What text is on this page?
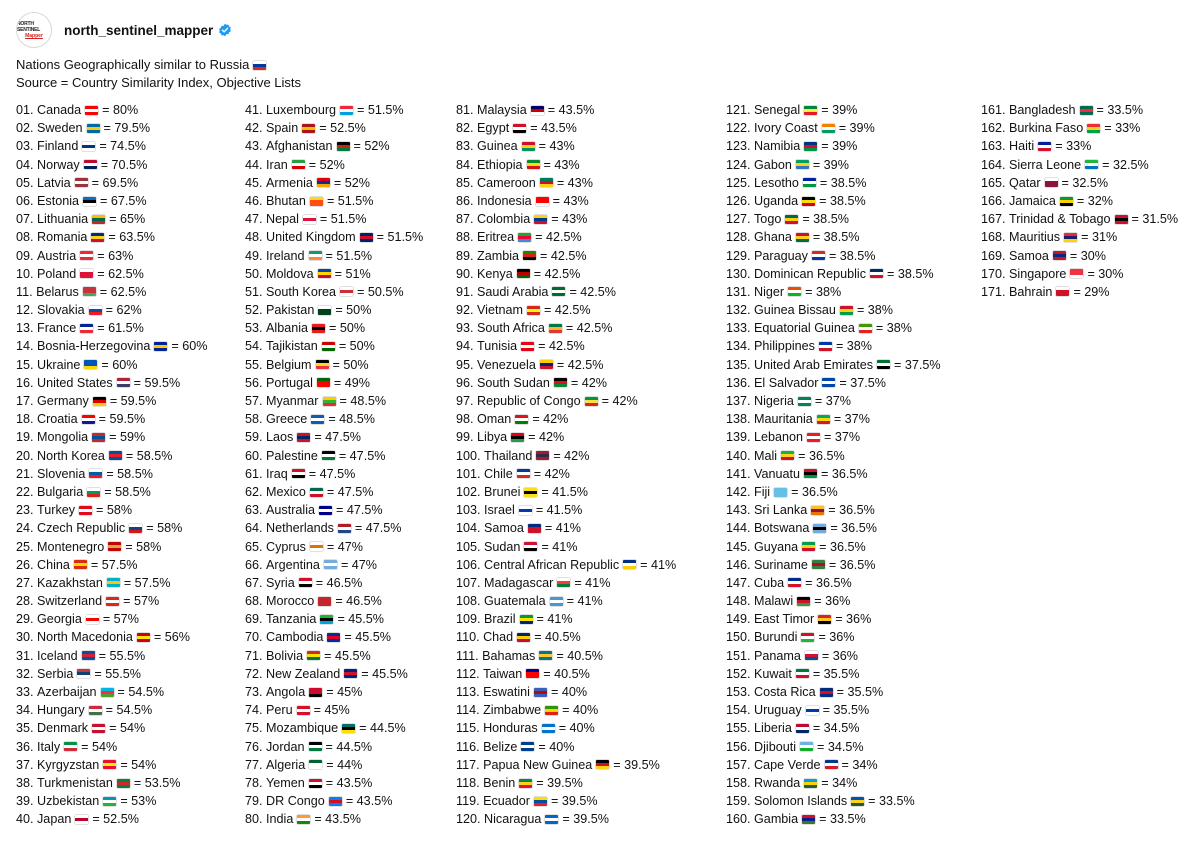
NORTH SENTINEL
Mapper north_sentinel_mapper
Nations Geographically similar to Russia
Source = Country Similarity Index, Objective Lists
01. Canada = 80%
02. Sweden = 79.5%
03. Finland = 74.5%
04. Norway = 70.5%
05. Latvia = 69.5%
06. Estonia = 67.5%
07. Lithuania = 65%
08. Romania = 63.5%
09. Austria = 63%
10. Poland = 62.5%
11. Belarus = 62.5%
12. Slovakia = 62%
13. France = 61.5%
14. Bosnia-Herzegovina = 60%
15. Ukraine = 60%
16. United States = 59.5%
17. Germany = 59.5%
18. Croatia = 59.5%
19. Mongolia = 59%
20. North Korea = 58.5%
21. Slovenia = 58.5%
22. Bulgaria = 58.5%
23. Turkey = 58%
24. Czech Republic = 58%
25. Montenegro = 58%
26. China = 57.5%
27. Kazakhstan = 57.5%
28. Switzerland = 57%
29. Georgia = 57%
30. North Macedonia = 56%
31. Iceland = 55.5%
32. Serbia = 55.5%
33. Azerbaijan = 54.5%
34. Hungary = 54.5%
35. Denmark = 54%
36. Italy = 54%
37. Kyrgyzstan = 54%
38. Turkmenistan = 53.5%
39. Uzbekistan = 53%
40. Japan = 52.5%
41. Luxembourg = 51.5%
42. Spain = 52.5%
43. Afghanistan = 52%
44. Iran = 52%
45. Armenia = 52%
46. Bhutan = 51.5%
47. Nepal = 51.5%
48. United Kingdom = 51.5%
49. Ireland = 51.5%
50. Moldova = 51%
51. South Korea = 50.5%
52. Pakistan = 50%
53. Albania = 50%
54. Tajikistan = 50%
55. Belgium = 50%
56. Portugal = 49%
57. Myanmar = 48.5%
58. Greece = 48.5%
59. Laos = 47.5%
60. Palestine = 47.5%
61. Iraq = 47.5%
62. Mexico = 47.5%
63. Australia = 47.5%
64. Netherlands = 47.5%
65. Cyprus = 47%
66. Argentina = 47%
67. Syria = 46.5%
68. Morocco = 46.5%
69. Tanzania = 45.5%
70. Cambodia = 45.5%
71. Bolivia = 45.5%
72. New Zealand = 45.5%
73. Angola = 45%
74. Peru = 45%
75. Mozambique = 44.5%
76. Jordan = 44.5%
77. Algeria = 44%
78. Yemen = 43.5%
79. DR Congo = 43.5%
80. India = 43.5%
81. Malaysia = 43.5%
82. Egypt = 43.5%
83. Guinea = 43%
84. Ethiopia = 43%
85. Cameroon = 43%
86. Indonesia = 43%
87. Colombia = 43%
88. Eritrea = 42.5%
89. Zambia = 42.5%
90. Kenya = 42.5%
91. Saudi Arabia = 42.5%
92. Vietnam = 42.5%
93. South Africa = 42.5%
94. Tunisia = 42.5%
95. Venezuela = 42.5%
96. South Sudan = 42%
97. Republic of Congo = 42%
98. Oman = 42%
99. Libya = 42%
100. Thailand = 42%
101. Chile = 42%
102. Brunei = 41.5%
103. Israel = 41.5%
104. Samoa = 41%
105. Sudan = 41%
106. Central African Republic = 41%
107. Madagascar = 41%
108. Guatemala = 41%
109. Brazil = 41%
110. Chad = 40.5%
111. Bahamas = 40.5%
112. Taiwan = 40.5%
113. Eswatini = 40%
114. Zimbabwe = 40%
115. Honduras = 40%
116. Belize = 40%
117. Papua New Guinea = 39.5%
118. Benin = 39.5%
119. Ecuador = 39.5%
120. Nicaragua = 39.5%
121. Senegal = 39%
122. Ivory Coast = 39%
123. Namibia = 39%
124. Gabon = 39%
125. Lesotho = 38.5%
126. Uganda = 38.5%
127. Togo = 38.5%
128. Ghana = 38.5%
129. Paraguay = 38.5%
130. Dominican Republic = 38.5%
131. Niger = 38%
132. Guinea Bissau = 38%
133. Equatorial Guinea = 38%
134. Philippines = 38%
135. United Arab Emirates = 37.5%
136. El Salvador = 37.5%
137. Nigeria = 37%
138. Mauritania = 37%
139. Lebanon = 37%
140. Mali = 36.5%
141. Vanuatu = 36.5%
142. Fiji = 36.5%
143. Sri Lanka = 36.5%
144. Botswana = 36.5%
145. Guyana = 36.5%
146. Suriname = 36.5%
147. Cuba = 36.5%
148. Malawi = 36%
149. East Timor = 36%
150. Burundi = 36%
151. Panama = 36%
152. Kuwait = 35.5%
153. Costa Rica = 35.5%
154. Uruguay = 35.5%
155. Liberia = 34.5%
156. Djibouti = 34.5%
157. Cape Verde = 34%
158. Rwanda = 34%
159. Solomon Islands = 33.5%
160. Gambia = 33.5%
161. Bangladesh = 33.5%
162. Burkina Faso = 33%
163. Haiti = 33%
164. Sierra Leone = 32.5%
165. Qatar = 32.5%
166. Jamaica = 32%
167. Trinidad & Tobago = 31.5%
168. Mauritius = 31%
169. Samoa = 30%
170. Singapore = 30%
171. Bahrain = 29%
